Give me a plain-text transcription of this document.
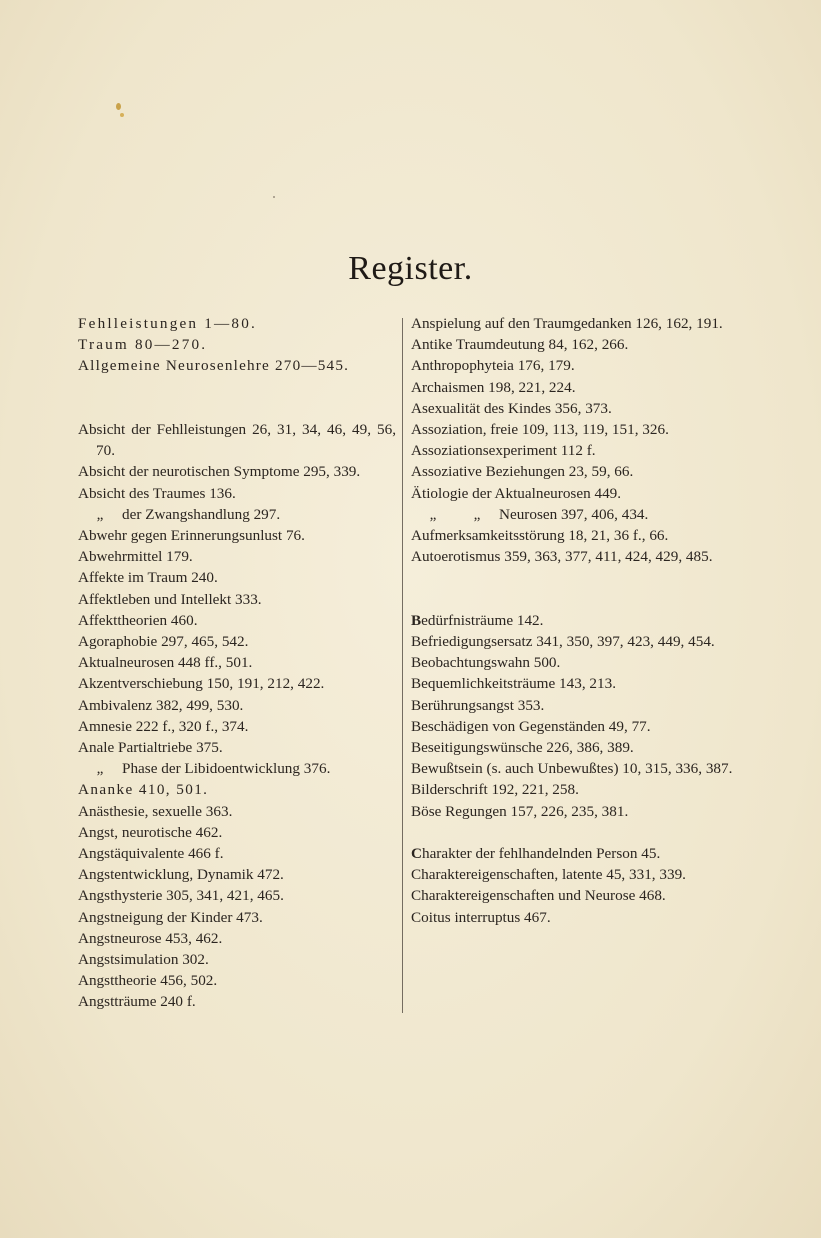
Register.
Fehlleistungen 1—80.
Traum 80—270.
Allgemeine Neurosenlehre 270—545.
Absicht der Fehlleistungen 26, 31, 34, 46, 49, 56, 70.
Absicht der neurotischen Symptome 295, 339.
Absicht des Traumes 136.
„ der Zwangshandlung 297.
Abwehr gegen Erinnerungsunlust 76.
Abwehrmittel 179.
Affekte im Traum 240.
Affektleben und Intellekt 333.
Affekttheorien 460.
Agoraphobie 297, 465, 542.
Aktualneurosen 448 ff., 501.
Akzentverschiebung 150, 191, 212, 422.
Ambivalenz 382, 499, 530.
Amnesie 222 f., 320 f., 374.
Anale Partialtriebe 375.
„ Phase der Libidoentwicklung 376.
Ananke 410, 501.
Anästhesie, sexuelle 363.
Angst, neurotische 462.
Angstäquivalente 466 f.
Angstentwicklung, Dynamik 472.
Angsthysterie 305, 341, 421, 465.
Angstneigung der Kinder 473.
Angstneurose 453, 462.
Angstsimulation 302.
Angsttheorie 456, 502.
Angstträume 240 f.
Anspielung auf den Traumgedanken 126, 162, 191.
Antike Traumdeutung 84, 162, 266.
Anthropophyteia 176, 179.
Archaismen 198, 221, 224.
Asexualität des Kindes 356, 373.
Assoziation, freie 109, 113, 119, 151, 326.
Assoziationsexperiment 112 f.
Assoziative Beziehungen 23, 59, 66.
Ätiologie der Aktualneurosen 449.
„ „ Neurosen 397, 406, 434.
Aufmerksamkeitsstörung 18, 21, 36 f., 66.
Autoerotismus 359, 363, 377, 411, 424, 429, 485.
Bedürfnisträume 142.
Befriedigungsersatz 341, 350, 397, 423, 449, 454.
Beobachtungswahn 500.
Bequemlichkeitsträume 143, 213.
Berührungsangst 353.
Beschädigen von Gegenständen 49, 77.
Beseitigungswünsche 226, 386, 389.
Bewußtsein (s. auch Unbewußtes) 10, 315, 336, 387.
Bilderschrift 192, 221, 258.
Böse Regungen 157, 226, 235, 381.
Charakter der fehlhandelnden Person 45.
Charaktereigenschaften, latente 45, 331, 339.
Charaktereigenschaften und Neurose 468.
Coitus interruptus 467.
